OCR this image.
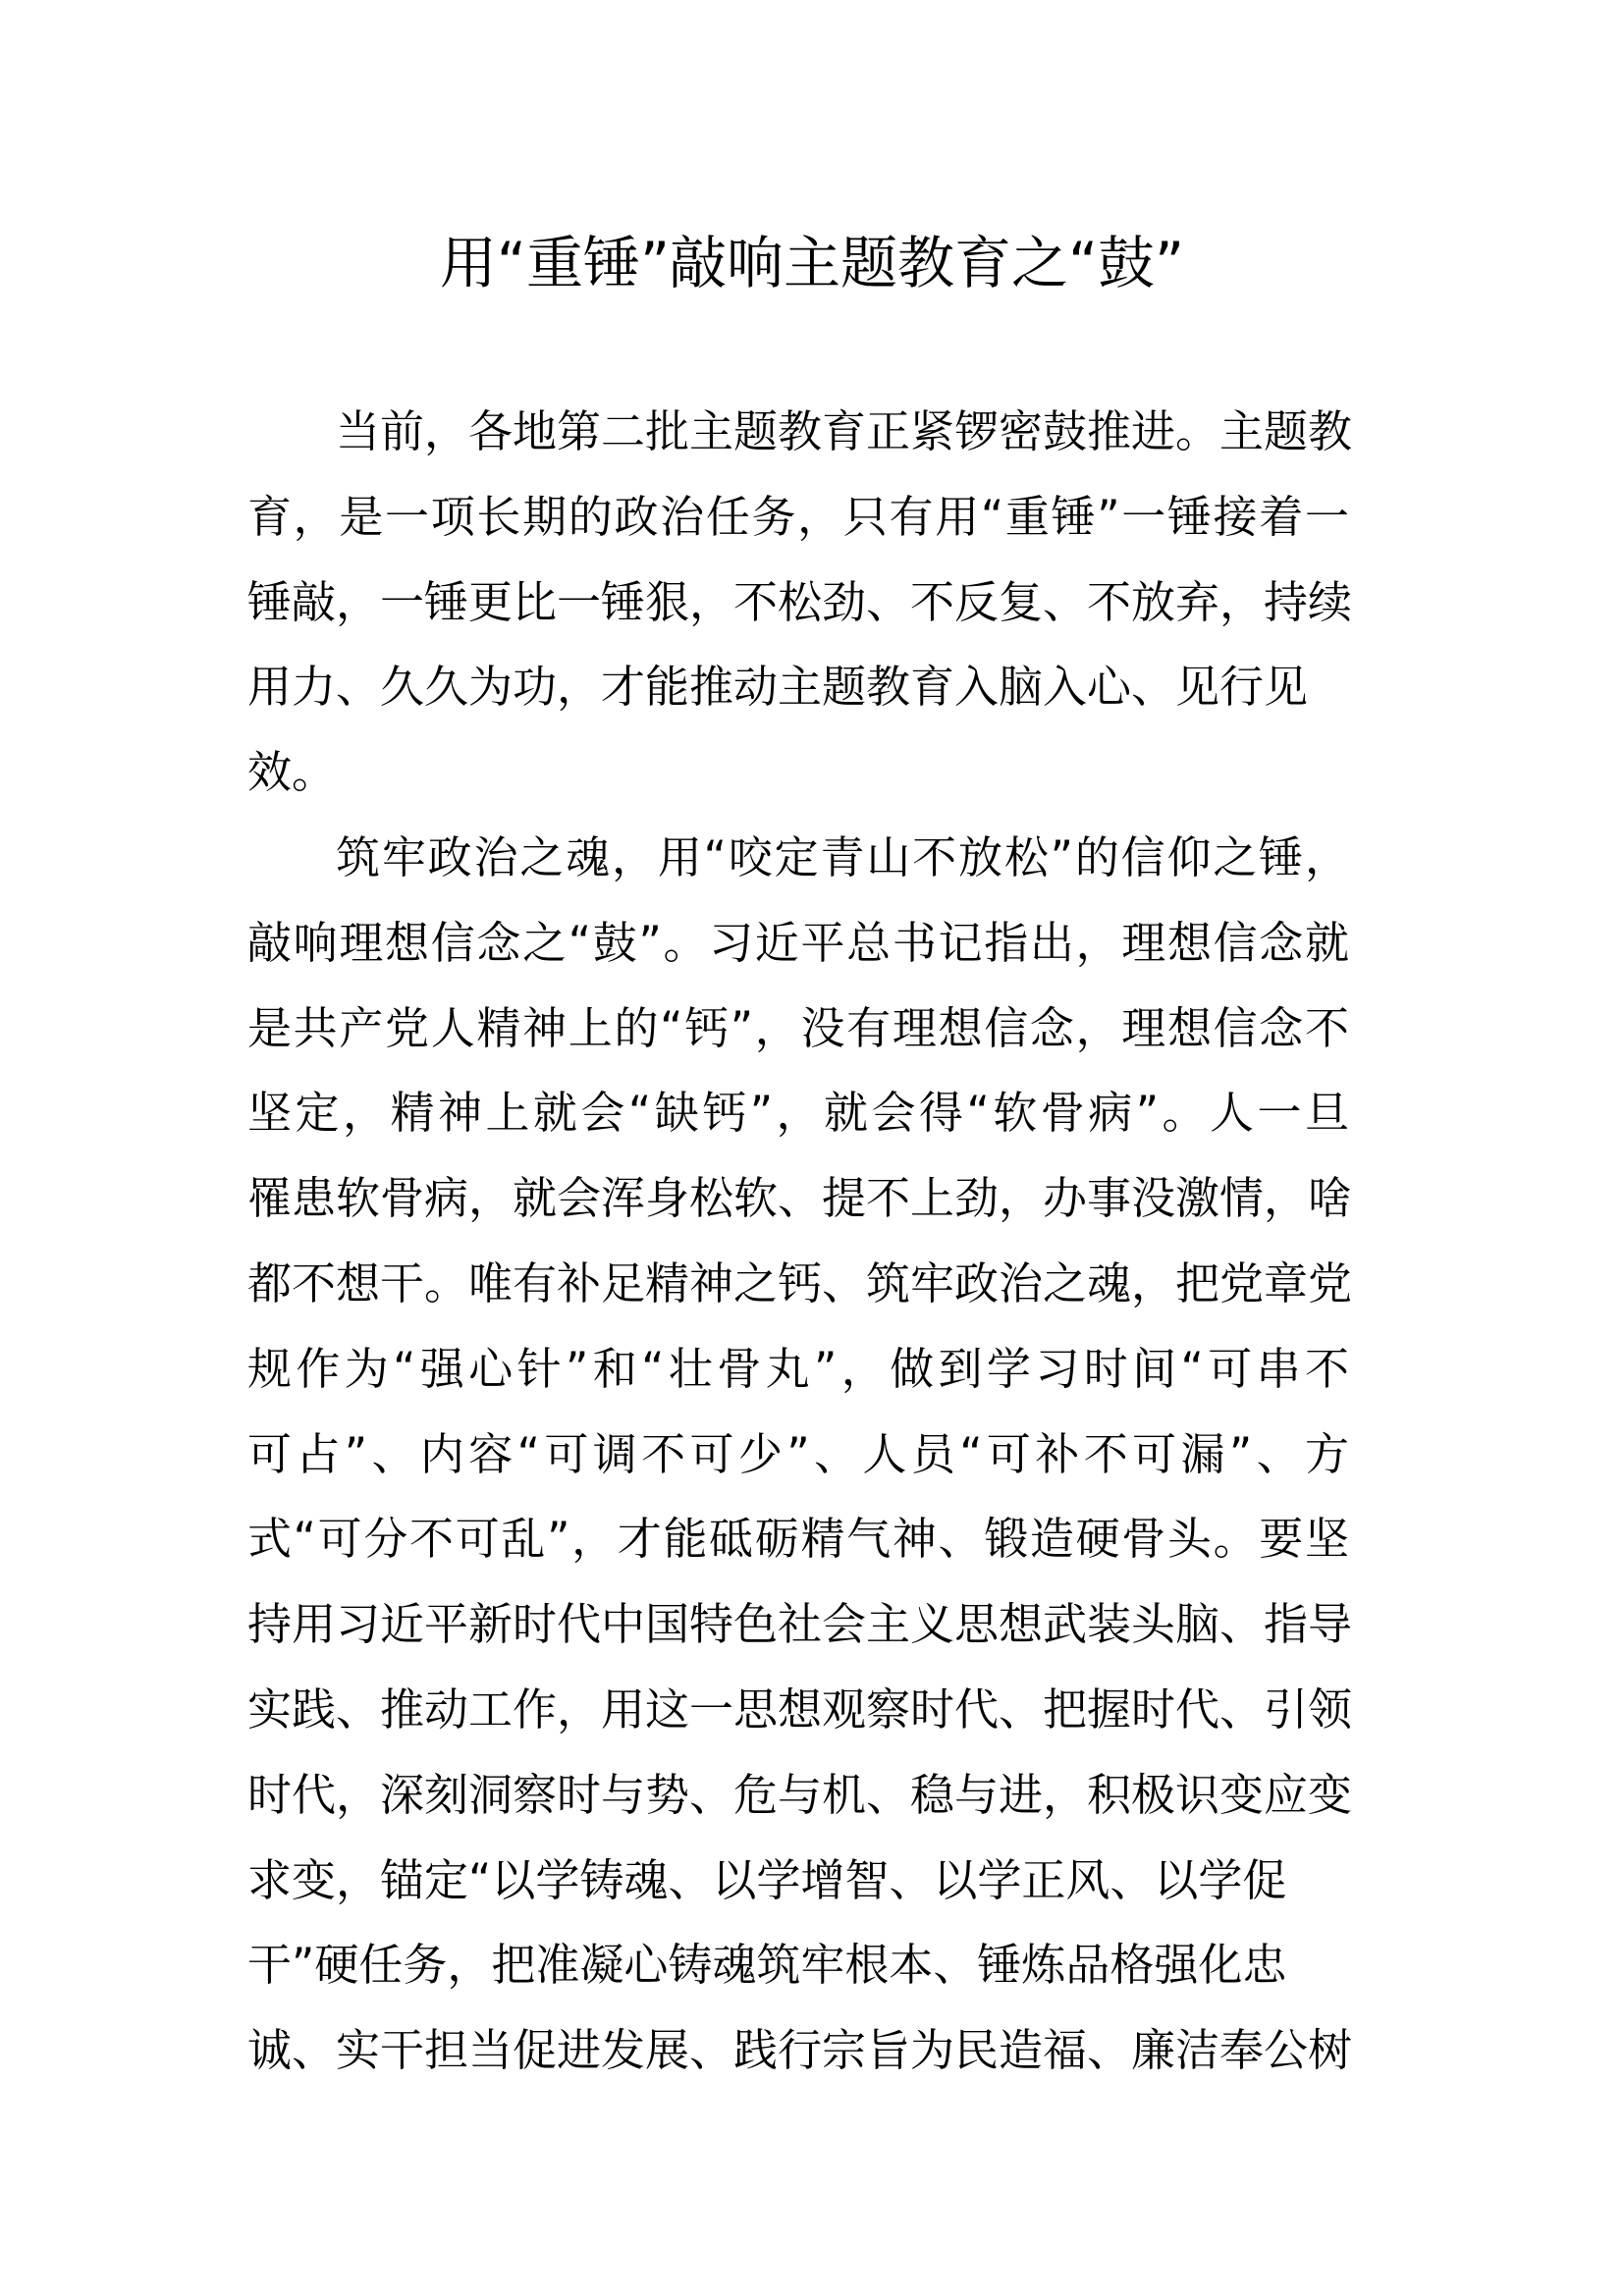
用“重锤”敲响主题教育之“鼓”
当前，各地第二批主题教育正紧锣密鼓推进。主题教
育，是一项长期的政治任务，只有用“重锤”一锤接着一
锤敲，一锤更比一锤狠，不松劲、不反复、不放弃，持续
用力、久久为功，才能推动主题教育入脑入心、见行见
效。
筑牢政治之魂，用“咬定青山不放松”的信仰之锤，
敲响理想信念之“鼓”。习近平总书记指出，理想信念就
是共产党人精神上的“钙”，没有理想信念，理想信念不
坚定，精神上就会“缺钙”，就会得“软骨病”。人一旦
罹患软骨病，就会浑身松软、提不上劲，办事没激情，啥
都不想干。唯有补足精神之钙、筑牢政治之魂，把党章党
规作为“强心针”和“壮骨丸”，做到学习时间“可串不
可占”、内容“可调不可少”、人员“可补不可漏”、方
式“可分不可乱”，才能砥砺精气神、锻造硬骨头。要坚
持用习近平新时代中国特色社会主义思想武装头脑、指导
实践、推动工作，用这一思想观察时代、把握时代、引领
时代，深刻洞察时与势、危与机、稳与进，积极识变应变
求变，锚定“以学铸魂、以学增智、以学正风、以学促
干”硬任务，把准凝心铸魂筑牢根本、锤炼品格强化忠
诚、实干担当促进发展、践行宗旨为民造福、廉洁奉公树
